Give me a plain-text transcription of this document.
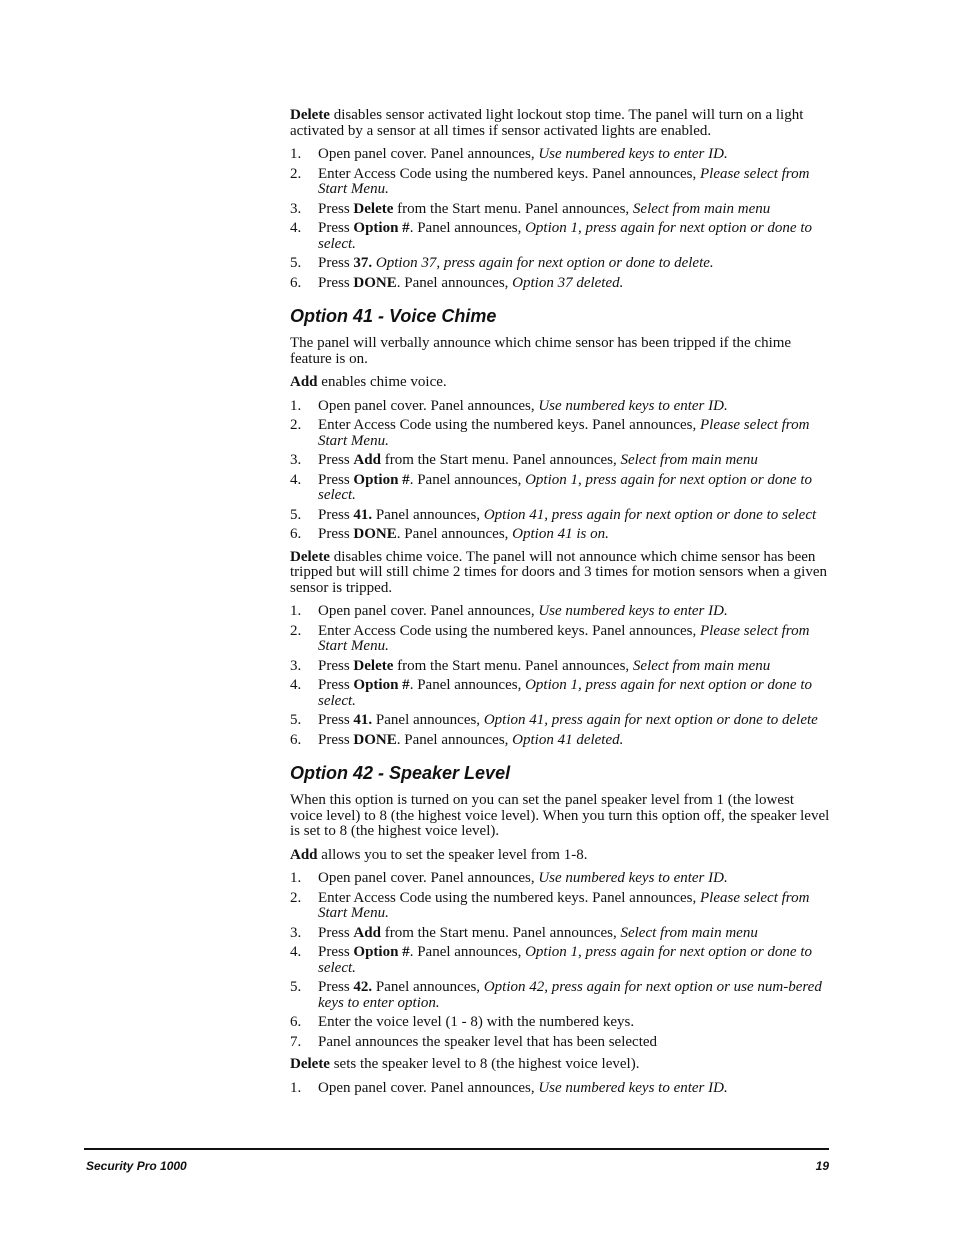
Delete disables sensor activated light lockout stop time. The panel will turn on a light activated by a sensor at all times if sensor activated lights are enabled.

1. Open panel cover. Panel announces, Use numbered keys to enter ID.
2. Enter Access Code using the numbered keys. Panel announces, Please select from Start Menu.
3. Press Delete from the Start menu. Panel announces, Select from main menu
4. Press Option #. Panel announces, Option 1, press again for next option or done to select.
5. Press 37. Option 37, press again for next option or done to delete.
6. Press DONE. Panel announces, Option 37 deleted.
Option 41 - Voice Chime

The panel will verbally announce which chime sensor has been tripped if the chime feature is on.

Add enables chime voice.

1. Open panel cover. Panel announces, Use numbered keys to enter ID.
2. Enter Access Code using the numbered keys. Panel announces, Please select from Start Menu.
3. Press Add from the Start menu. Panel announces, Select from main menu
4. Press Option #. Panel announces, Option 1, press again for next option or done to select.
5. Press 41. Panel announces, Option 41, press again for next option or done to select
6. Press DONE. Panel announces, Option 41 is on.

Delete disables chime voice. The panel will not announce which chime sensor has been tripped but will still chime 2 times for doors and 3 times for motion sensors when a given sensor is tripped.

1. Open panel cover. Panel announces, Use numbered keys to enter ID.
2. Enter Access Code using the numbered keys. Panel announces, Please select from Start Menu.
3. Press Delete from the Start menu. Panel announces, Select from main menu
4. Press Option #. Panel announces, Option 1, press again for next option or done to select.
5. Press 41. Panel announces, Option 41, press again for next option or done to delete
6. Press DONE. Panel announces, Option 41 deleted.
Option 42 - Speaker Level

When this option is turned on you can set the panel speaker level from 1 (the lowest voice level) to 8 (the highest voice level). When you turn this option off, the speaker level is set to 8 (the highest voice level).

Add allows you to set the speaker level from 1-8.

1. Open panel cover. Panel announces, Use numbered keys to enter ID.
2. Enter Access Code using the numbered keys. Panel announces, Please select from Start Menu.
3. Press Add from the Start menu. Panel announces, Select from main menu
4. Press Option #. Panel announces, Option 1, press again for next option or done to select.
5. Press 42. Panel announces, Option 42, press again for next option or use num-bered keys to enter option.
6. Enter the voice level (1 - 8) with the numbered keys.
7. Panel announces the speaker level that has been selected

Delete sets the speaker level to 8 (the highest voice level).

1. Open panel cover. Panel announces, Use numbered keys to enter ID.
Security Pro 1000	19
